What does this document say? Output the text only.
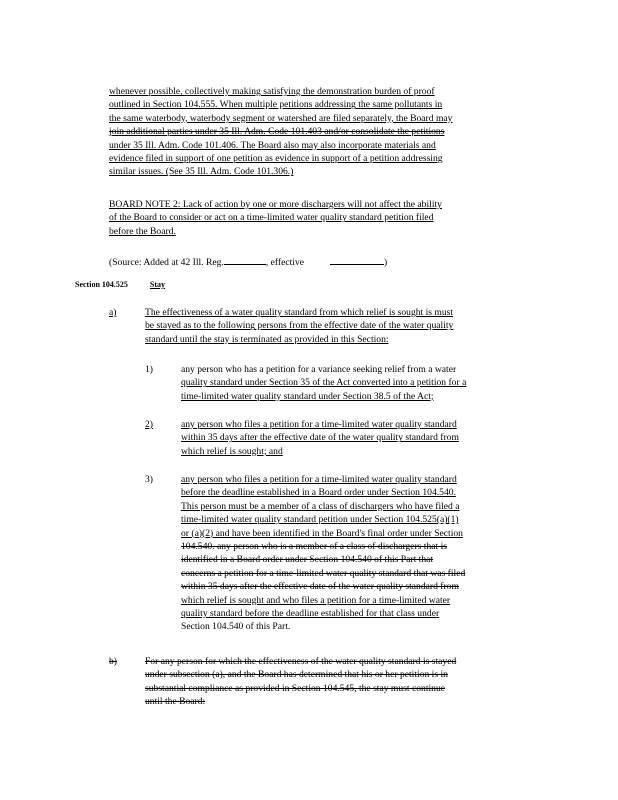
whenever possible, collectively making satisfying the demonstration burden of proof
outlined in Section 104.555. When multiple petitions addressing the same pollutants in
the same waterbody, waterbody segment or watershed are filed separately, the Board may
join additional parties under 35 Ill. Adm. Code 101.403 and/or consolidate the petitions
under 35 Ill. Adm. Code 101.406. The Board also may also incorporate materials and
evidence filed in support of one petition as evidence in support of a petition addressing
similar issues. (See 35 Ill. Adm. Code 101.306.)
BOARD NOTE 2: Lack of action by one or more dischargers will not affect the ability
of the Board to consider or act on a time-limited water quality standard petition filed
before the Board.
(Source: Added at 42 Ill. Reg.	, effective	)
Section 104.525	Stay
a)	The effectiveness of a water quality standard from which relief is sought is must
be stayed as to the following persons from the effective date of the water quality
standard until the stay is terminated as provided in this Section:
1)	any person who has a petition for a variance seeking relief from a water
quality standard under Section 35 of the Act converted into a petition for a
time-limited water quality standard under Section 38.5 of the Act;
2)	any person who files a petition for a time-limited water quality standard
within 35 days after the effective date of the water quality standard from
which relief is sought; and
3)	any person who files a petition for a time-limited water quality standard
before the deadline established in a Board order under Section 104.540.
This person must be a member of a class of dischargers who have filed a
time-limited water quality standard petition under Section 104.525(a)(1)
or (a)(2) and have been identified in the Board's final order under Section
104.540. any person who is a member of a class of dischargers that is
identified in a Board order under Section 104.540 of this Part that
concerns a petition for a time-limited water quality standard that was filed
within 35 days after the effective date of the water quality standard from
which relief is sought and who files a petition for a time-limited water
quality standard before the deadline established for that class under
Section 104.540 of this Part.
b)	For any person for which the effectiveness of the water quality standard is stayed
under subsection (a), and the Board has determined that his or her petition is in
substantial compliance as provided in Section 104.545, the stay must continue
until the Board:
